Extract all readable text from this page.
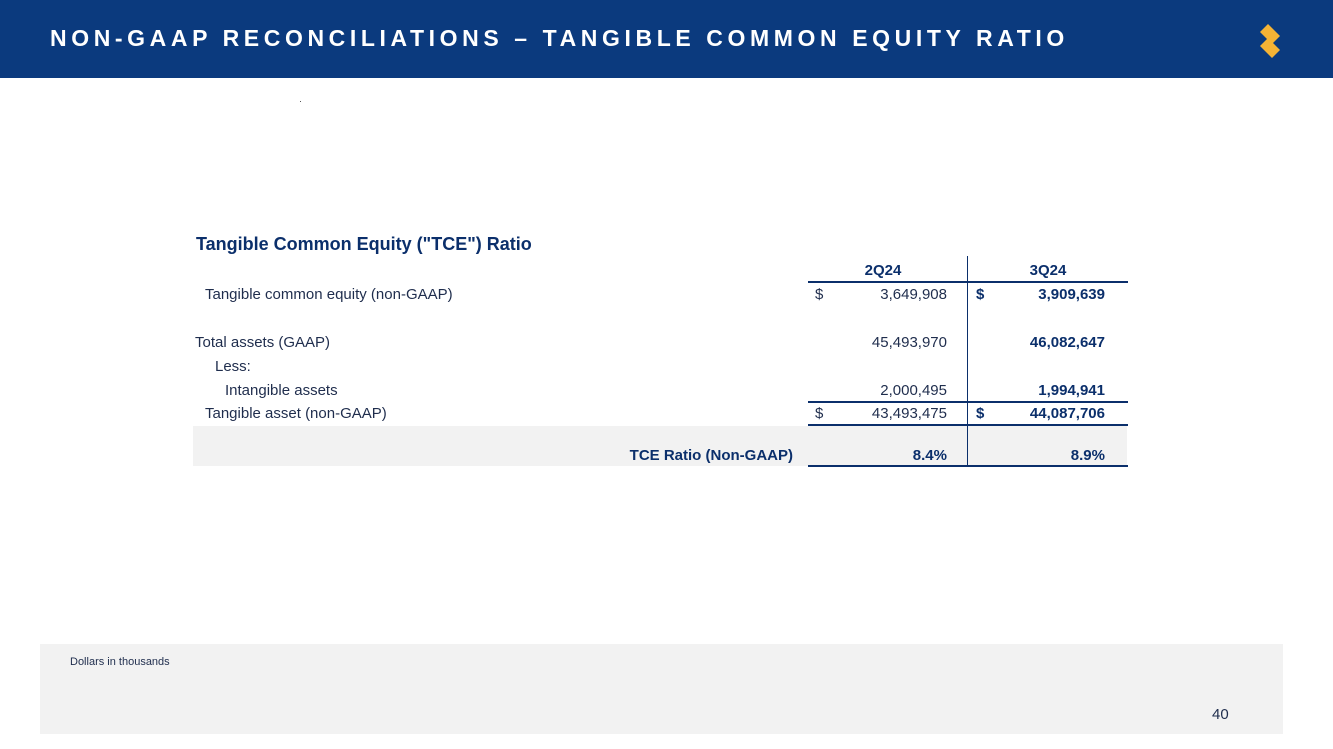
NON-GAAP RECONCILIATIONS – TANGIBLE COMMON EQUITY RATIO
Tangible Common Equity ("TCE") Ratio
2Q24	3Q24
Tangible common equity (non-GAAP)	$	3,649,908 $	3,909,639
Total assets (GAAP)	45,493,970	46,082,647
Less:
Intangible assets	2,000,495	1,994,941
Tangible asset (non-GAAP)	$	43,493,475 $	44,087,706
TCE Ratio (Non-GAAP)	8.4%	8.9%
Dollars in thousands
40
